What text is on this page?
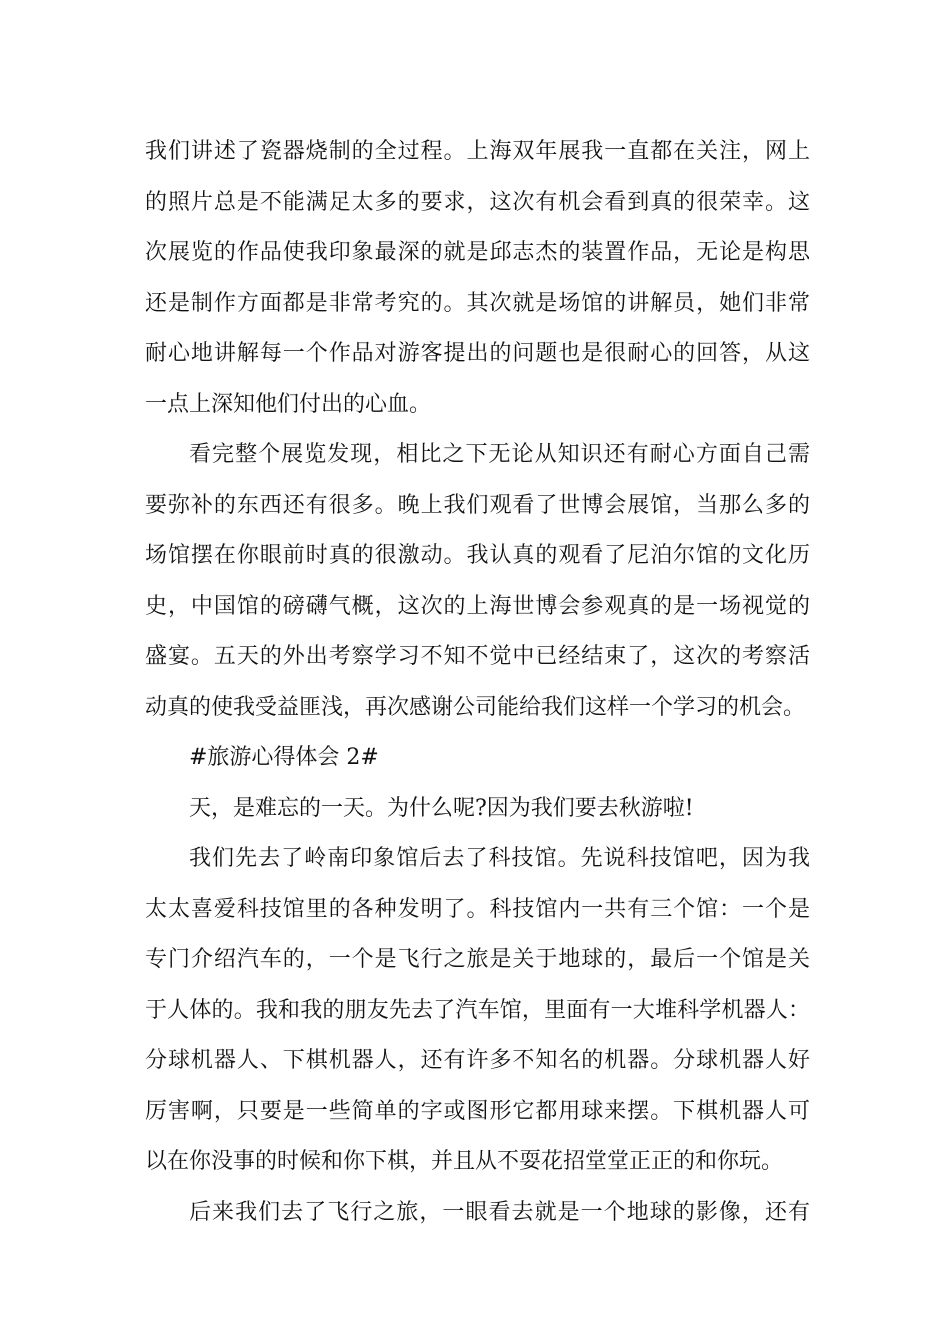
我们讲述了瓷器烧制的全过程。上海双年展我一直都在关注，网上
的照片总是不能满足太多的要求，这次有机会看到真的很荣幸。这
次展览的作品使我印象最深的就是邱志杰的装置作品，无论是构思
还是制作方面都是非常考究的。其次就是场馆的讲解员，她们非常
耐心地讲解每一个作品对游客提出的问题也是很耐心的回答，从这
一点上深知他们付出的心血。
看完整个展览发现，相比之下无论从知识还有耐心方面自己需
要弥补的东西还有很多。晚上我们观看了世博会展馆，当那么多的
场馆摆在你眼前时真的很激动。我认真的观看了尼泊尔馆的文化历
史，中国馆的磅礴气概，这次的上海世博会参观真的是一场视觉的
盛宴。五天的外出考察学习不知不觉中已经结束了，这次的考察活
动真的使我受益匪浅，再次感谢公司能给我们这样一个学习的机会。
#旅游心得体会 2#
天，是难忘的一天。为什么呢?因为我们要去秋游啦!
我们先去了岭南印象馆后去了科技馆。先说科技馆吧，因为我
太太喜爱科技馆里的各种发明了。科技馆内一共有三个馆：一个是
专门介绍汽车的，一个是飞行之旅是关于地球的，最后一个馆是关
于人体的。我和我的朋友先去了汽车馆，里面有一大堆科学机器人：
分球机器人、下棋机器人，还有许多不知名的机器。分球机器人好
厉害啊，只要是一些简单的字或图形它都用球来摆。下棋机器人可
以在你没事的时候和你下棋，并且从不耍花招堂堂正正的和你玩。
后来我们去了飞行之旅，一眼看去就是一个地球的影像，还有
